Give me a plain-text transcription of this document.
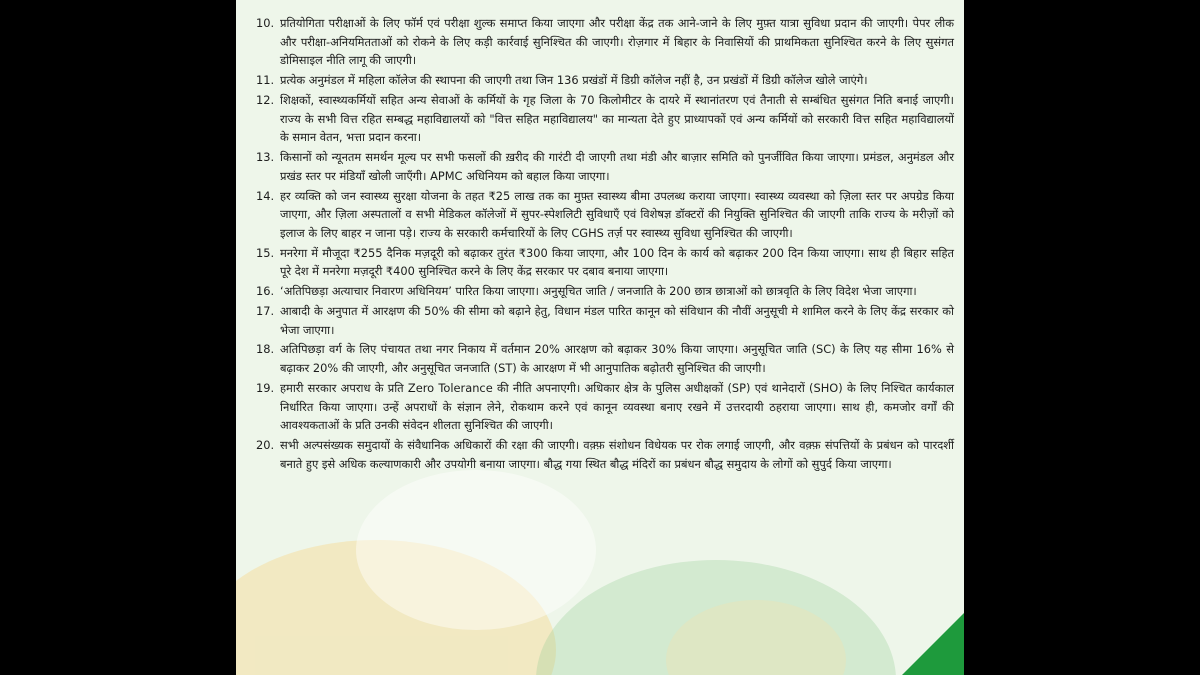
10. प्रतियोगिता परीक्षाओं के लिए फॉर्म एवं परीक्षा शुल्क समाप्त किया जाएगा और परीक्षा केंद्र तक आने-जाने के लिए मुफ़्त यात्रा सुविधा प्रदान की जाएगी। पेपर लीक और परीक्षा-अनियमितताओं को रोकने के लिए कड़ी कार्रवाई सुनिश्चित की जाएगी। रोज़गार में बिहार के निवासियों की प्राथमिकता सुनिश्चित करने के लिए सुसंगत डोमिसाइल नीति लागू की जाएगी।
11. प्रत्येक अनुमंडल में महिला कॉलेज की स्थापना की जाएगी तथा जिन 136 प्रखंडों में डिग्री कॉलेज नहीं है, उन प्रखंडों में डिग्री कॉलेज खोले जाएंगे।
12. शिक्षकों, स्वास्थ्यकर्मियों सहित अन्य सेवाओं के कर्मियों के गृह जिला के 70 किलोमीटर के दायरे में स्थानांतरण एवं तैनाती से सम्बंधित सुसंगत निति बनाई जाएगी। राज्य के सभी वित्त रहित सम्बद्ध महाविद्यालयों को "वित्त सहित महाविद्यालय" का मान्यता देते हुए प्राध्यापकों एवं अन्य कर्मियों को सरकारी वित्त सहित महाविद्यालयों के समान वेतन, भत्ता प्रदान करना।
13. किसानों को न्यूनतम समर्थन मूल्य पर सभी फसलों की ख़रीद की गारंटी दी जाएगी तथा मंडी और बाज़ार समिति को पुनर्जीवित किया जाएगा। प्रमंडल, अनुमंडल और प्रखंड स्तर पर मंडियाँ खोली जाएँगी। APMC अधिनियम को बहाल किया जाएगा।
14. हर व्यक्ति को जन स्वास्थ्य सुरक्षा योजना के तहत ₹25 लाख तक का मुफ़्त स्वास्थ्य बीमा उपलब्ध कराया जाएगा। स्वास्थ्य व्यवस्था को ज़िला स्तर पर अपग्रेड किया जाएगा, और ज़िला अस्पतालों व सभी मेडिकल कॉलेजों में सुपर-स्पेशलिटी सुविधाएँ एवं विशेषज्ञ डॉक्टरों की नियुक्ति सुनिश्चित की जाएगी ताकि राज्य के मरीज़ों को इलाज के लिए बाहर न जाना पड़े। राज्य के सरकारी कर्मचारियों के लिए CGHS तर्ज़ पर स्वास्थ्य सुविधा सुनिश्चित की जाएगी।
15. मनरेगा में मौजूदा ₹255 दैनिक मज़दूरी को बढ़ाकर तुरंत ₹300 किया जाएगा, और 100 दिन के कार्य को बढ़ाकर 200 दिन किया जाएगा। साथ ही बिहार सहित पूरे देश में मनरेगा मज़दूरी ₹400 सुनिश्चित करने के लिए केंद्र सरकार पर दबाव बनाया जाएगा।
16. ‘अतिपिछड़ा अत्याचार निवारण अधिनियम’ पारित किया जाएगा। अनुसूचित जाति / जनजाति के 200 छात्र छात्राओं को छात्रवृति के लिए विदेश भेजा जाएगा।
17. आबादी के अनुपात में आरक्षण की 50% की सीमा को बढ़ाने हेतु, विधान मंडल पारित कानून को संविधान की नौवीं अनुसूची मे शामिल करने के लिए केंद्र सरकार को भेजा जाएगा।
18. अतिपिछड़ा वर्ग के लिए पंचायत तथा नगर निकाय में वर्तमान 20% आरक्षण को बढ़ाकर 30% किया जाएगा। अनुसूचित जाति (SC) के लिए यह सीमा 16% से बढ़ाकर 20% की जाएगी, और अनुसूचित जनजाति (ST) के आरक्षण में भी आनुपातिक बढ़ोतरी सुनिश्चित की जाएगी।
19. हमारी सरकार अपराध के प्रति Zero Tolerance की नीति अपनाएगी। अधिकार क्षेत्र के पुलिस अधीक्षकों (SP) एवं थानेदारों (SHO) के लिए निश्चित कार्यकाल निर्धारित किया जाएगा। उन्हें अपराधों के संज्ञान लेने, रोकथाम करने एवं कानून व्यवस्था बनाए रखने में उत्तरदायी ठहराया जाएगा। साथ ही, कमजोर वर्गों की आवश्यकताओं के प्रति उनकी संवेदन शीलता सुनिश्चित की जाएगी।
20. सभी अल्पसंख्यक समुदायों के संवैधानिक अधिकारों की रक्षा की जाएगी। वक़्फ़ संशोधन विधेयक पर रोक लगाई जाएगी, और वक़्फ़ संपत्तियों के प्रबंधन को पारदर्शी बनाते हुए इसे अधिक कल्याणकारी और उपयोगी बनाया जाएगा। बौद्ध गया स्थित बौद्ध मंदिरों का प्रबंधन बौद्ध समुदाय के लोगों को सुपुर्द किया जाएगा।
